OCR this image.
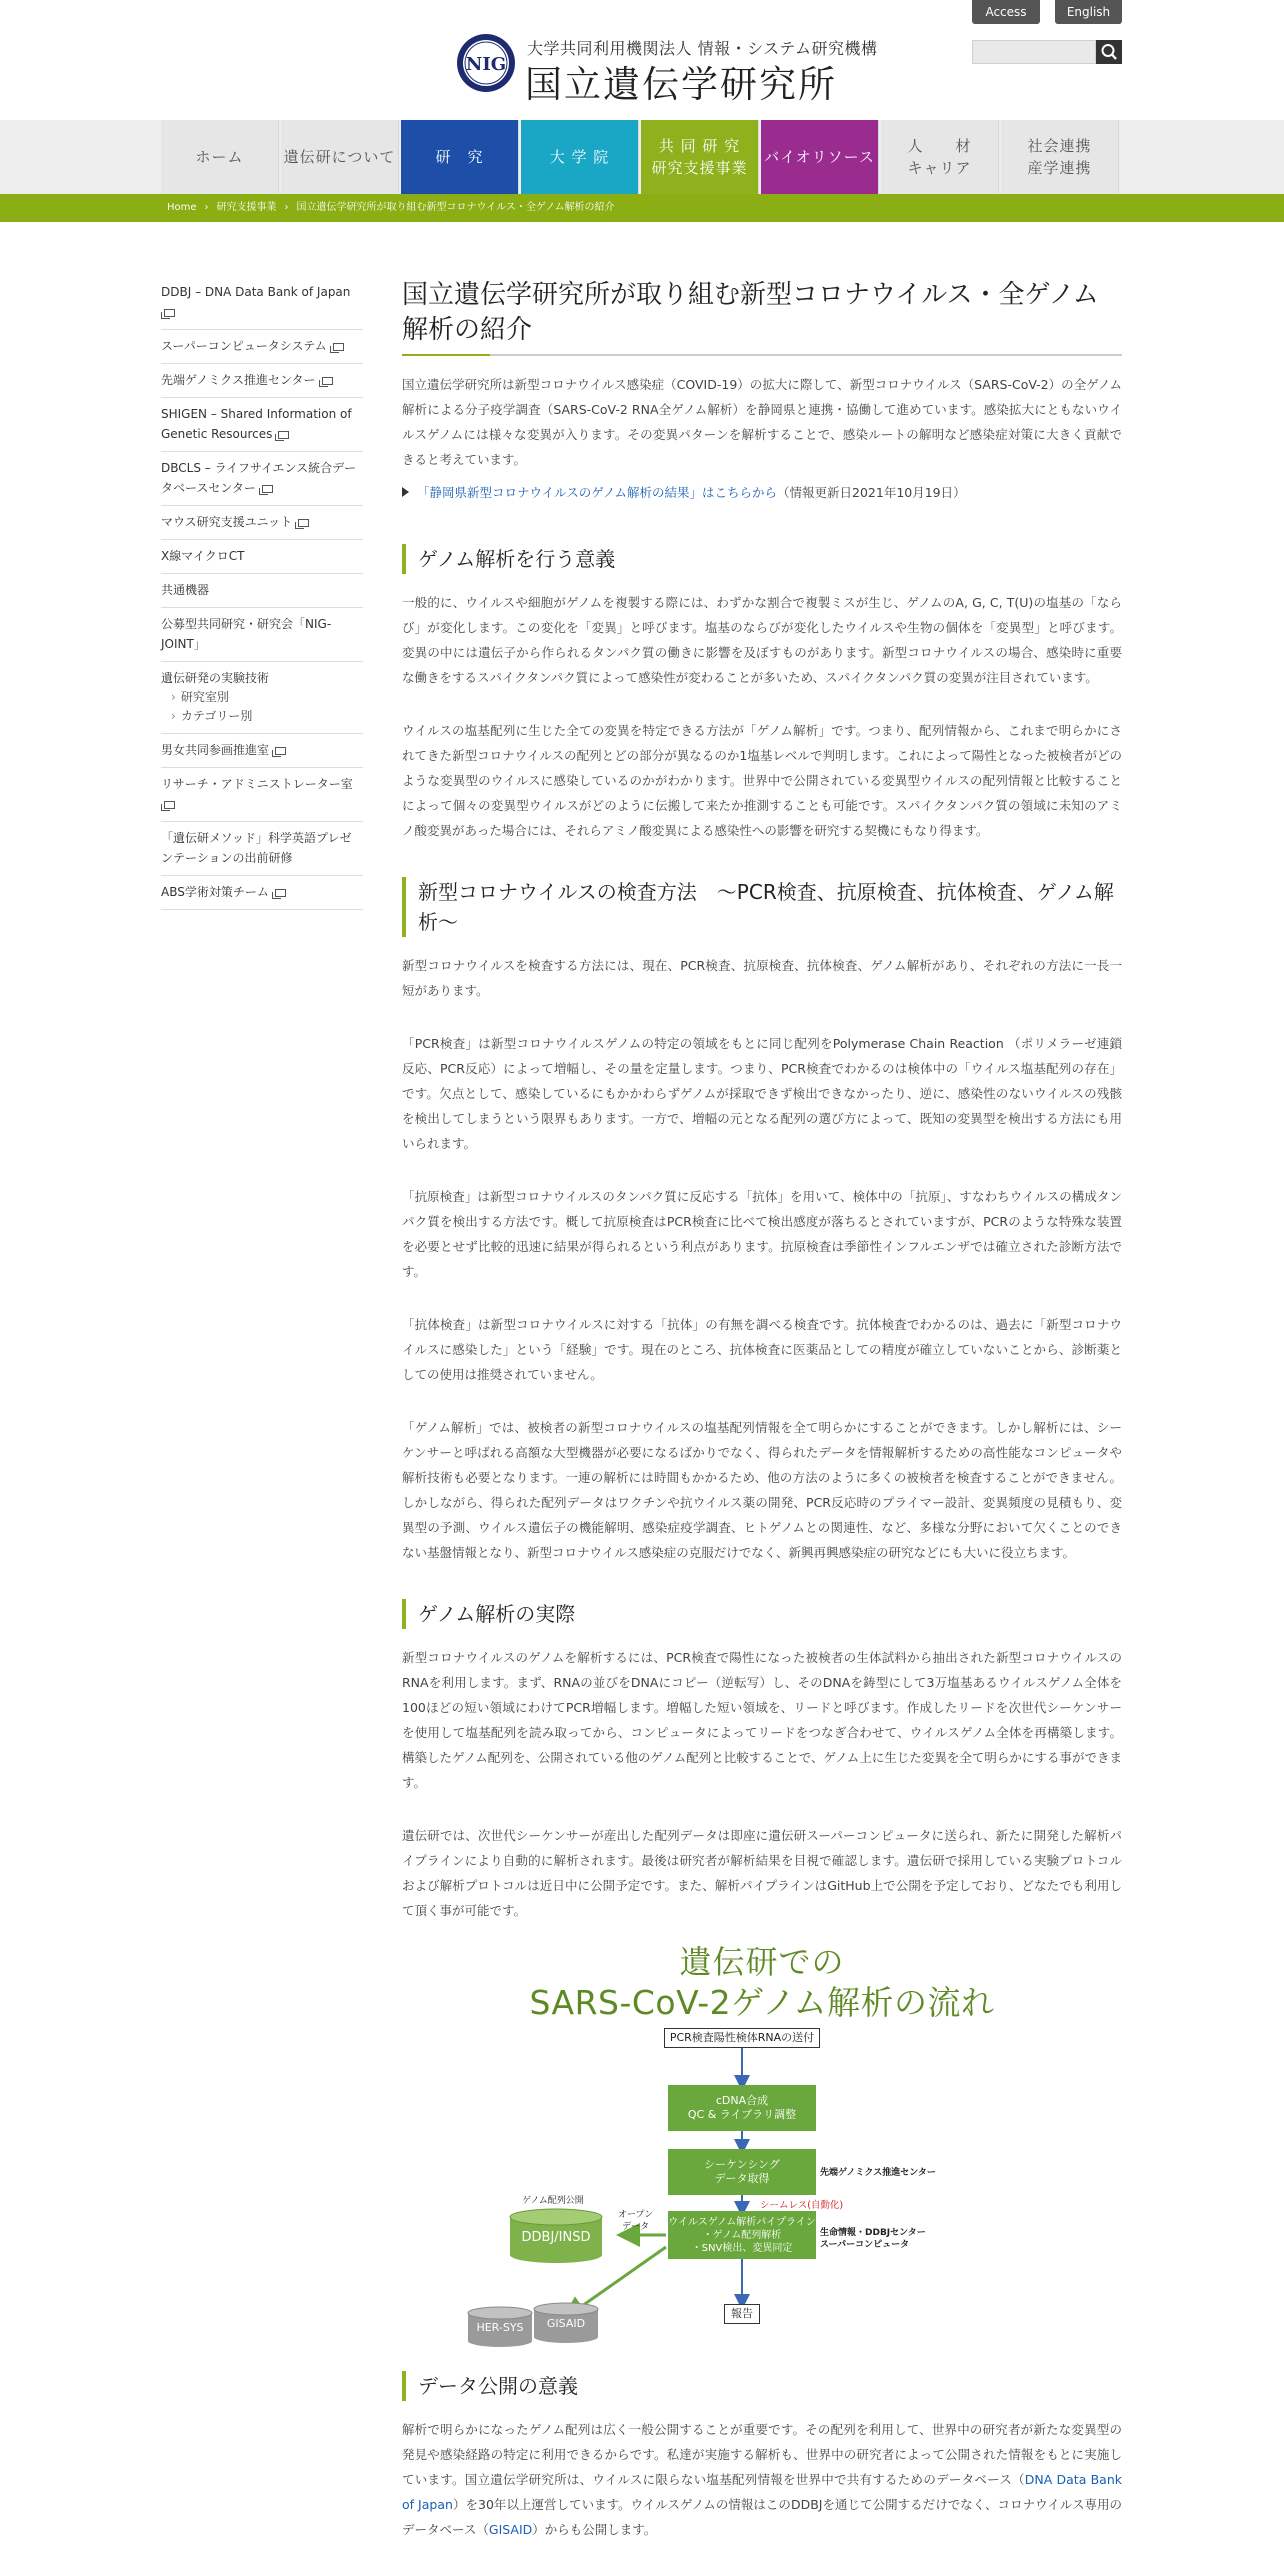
NIG
大学共同利用機関法人 情報・システム研究機構
国立遺伝学研究所
Access	English
ホーム	遺伝研について	研　究	大 学 院
共 同 研 究
研究支援事業
バイオリソース
人　　材
キャリア
社会連携
産学連携
Home › 研究支援事業 › 国立遺伝学研究所が取り組む新型コロナウイルス・全ゲノム解析の紹介
DDBJ – DNA Data Bank of Japan

スーパーコンピュータシステム
先端ゲノミクス推進センター
SHIGEN – Shared Information of Genetic Resources
DBCLS – ライフサイエンス統合データベースセンター
マウス研究支援ユニット
X線マイクロCT
共通機器
公募型共同研究・研究会「NIG-JOINT」
遺伝研発の実験技術
› 研究室別
› カテゴリー別
男女共同参画推進室
リサーチ・アドミニストレーター室

「遺伝研メソッド」科学英語プレゼンテーションの出前研修
ABS学術対策チーム
国立遺伝学研究所が取り組む新型コロナウイルス・全ゲノム解析の紹介

国立遺伝学研究所は新型コロナウイルス感染症（COVID-19）の拡大に際して、新型コロナウイルス（SARS-CoV-2）の全ゲノム解析による分子疫学調査（SARS-CoV-2 RNA全ゲノム解析）を静岡県と連携・協働して進めています。感染拡大にともないウイルスゲノムには様々な変異が入ります。その変異パターンを解析することで、感染ルートの解明など感染症対策に大きく貢献できると考えています。

「静岡県新型コロナウイルスのゲノム解析の結果」はこちらから（情報更新日2021年10月19日）
ゲノム解析を行う意義

一般的に、ウイルスや細胞がゲノムを複製する際には、わずかな割合で複製ミスが生じ、ゲノムのA, G, C, T(U)の塩基の「ならび」が変化します。この変化を「変異」と呼びます。塩基のならびが変化したウイルスや生物の個体を「変異型」と呼びます。変異の中には遺伝子から作られるタンパク質の働きに影響を及ぼすものがあります。新型コロナウイルスの場合、感染時に重要な働きをするスパイクタンパク質によって感染性が変わることが多いため、スパイクタンパク質の変異が注目されています。

ウイルスの塩基配列に生じた全ての変異を特定できる方法が「ゲノム解析」です。つまり、配列情報から、これまで明らかにされてきた新型コロナウイルスの配列とどの部分が異なるのか1塩基レベルで判明します。これによって陽性となった被検者がどのような変異型のウイルスに感染しているのかがわかります。世界中で公開されている変異型ウイルスの配列情報と比較することによって個々の変異型ウイルスがどのように伝搬して来たか推測することも可能です。スパイクタンパク質の領域に未知のアミノ酸変異があった場合には、それらアミノ酸変異による感染性への影響を研究する契機にもなり得ます。

新型コロナウイルスの検査方法　～PCR検査、抗原検査、抗体検査、ゲノム解析～

新型コロナウイルスを検査する方法には、現在、PCR検査、抗原検査、抗体検査、ゲノム解析があり、それぞれの方法に一長一短があります。

「PCR検査」は新型コロナウイルスゲノムの特定の領域をもとに同じ配列をPolymerase Chain Reaction （ポリメラーゼ連鎖反応、PCR反応）によって増幅し、その量を定量します。つまり、PCR検査でわかるのは検体中の「ウイルス塩基配列の存在」です。欠点として、感染しているにもかかわらずゲノムが採取できず検出できなかったり、逆に、感染性のないウイルスの残骸を検出してしまうという限界もあります。一方で、増幅の元となる配列の選び方によって、既知の変異型を検出する方法にも用いられます。

「抗原検査」は新型コロナウイルスのタンパク質に反応する「抗体」を用いて、検体中の「抗原」、すなわちウイルスの構成タンパク質を検出する方法です。概して抗原検査はPCR検査に比べて検出感度が落ちるとされていますが、PCRのような特殊な装置を必要とせず比較的迅速に結果が得られるという利点があります。抗原検査は季節性インフルエンザでは確立された診断方法です。

「抗体検査」は新型コロナウイルスに対する「抗体」の有無を調べる検査です。抗体検査でわかるのは、過去に「新型コロナウイルスに感染した」という「経験」です。現在のところ、抗体検査に医薬品としての精度が確立していないことから、診断薬としての使用は推奨されていません。

「ゲノム解析」では、被検者の新型コロナウイルスの塩基配列情報を全て明らかにすることができます。しかし解析には、シーケンサーと呼ばれる高額な大型機器が必要になるばかりでなく、得られたデータを情報解析するための高性能なコンピュータや解析技術も必要となります。一連の解析には時間もかかるため、他の方法のように多くの被検者を検査することができません。しかしながら、得られた配列データはワクチンや抗ウイルス薬の開発、PCR反応時のプライマー設計、変異頻度の見積もり、変異型の予測、ウイルス遺伝子の機能解明、感染症疫学調査、ヒトゲノムとの関連性、など、多様な分野において欠くことのできない基盤情報となり、新型コロナウイルス感染症の克服だけでなく、新興再興感染症の研究などにも大いに役立ちます。

ゲノム解析の実際

新型コロナウイルスのゲノムを解析するには、PCR検査で陽性になった被検者の生体試料から抽出された新型コロナウイルスのRNAを利用します。まず、RNAの並びをDNAにコピー（逆転写）し、そのDNAを鋳型にして3万塩基あるウイルスゲノム全体を100ほどの短い領域にわけてPCR増幅します。増幅した短い領域を、リードと呼びます。作成したリードを次世代シーケンサーを使用して塩基配列を読み取ってから、コンピュータによってリードをつなぎ合わせて、ウイルスゲノム全体を再構築します。構築したゲノム配列を、公開されている他のゲノム配列と比較することで、ゲノム上に生じた変異を全て明らかにする事ができます。

遺伝研では、次世代シーケンサーが産出した配列データは即座に遺伝研スーパーコンピュータに送られ、新たに開発した解析パイプラインにより自動的に解析されます。最後は研究者が解析結果を目視で確認します。遺伝研で採用している実験プロトコルおよび解析プロトコルは近日中に公開予定です。また、解析パイプラインはGitHub上で公開を予定しており、どなたでも利用して頂く事が可能です。

遺伝研での
SARS-CoV-2ゲノム解析の流れ
PCR検査陽性検体RNAの送付
cDNA合成
QC & ライブラリ調整
シーケンシング
データ取得	先端ゲノミクス推進センター
シームレス(自動化)
ウイルスゲノム解析パイプライン
・ゲノム配列解析
・SNV検出、変異同定
生命情報・DDBJセンター
スーパーコンピュータ
ゲノム配列公開
オープン
データ
DDBJ/INSD
HER-SYS	GISAID
報告
データ公開の意義

解析で明らかになったゲノム配列は広く一般公開することが重要です。その配列を利用して、世界中の研究者が新たな変異型の発見や感染経路の特定に利用できるからです。私達が実施する解析も、世界中の研究者によって公開された情報をもとに実施しています。国立遺伝学研究所は、ウイルスに限らない塩基配列情報を世界中で共有するためのデータベース（DNA Data Bank of Japan）を30年以上運営しています。ウイルスゲノムの情報はこのDDBJを通じて公開するだけでなく、コロナウイルス専用のデータベース（GISAID）からも公開します。
